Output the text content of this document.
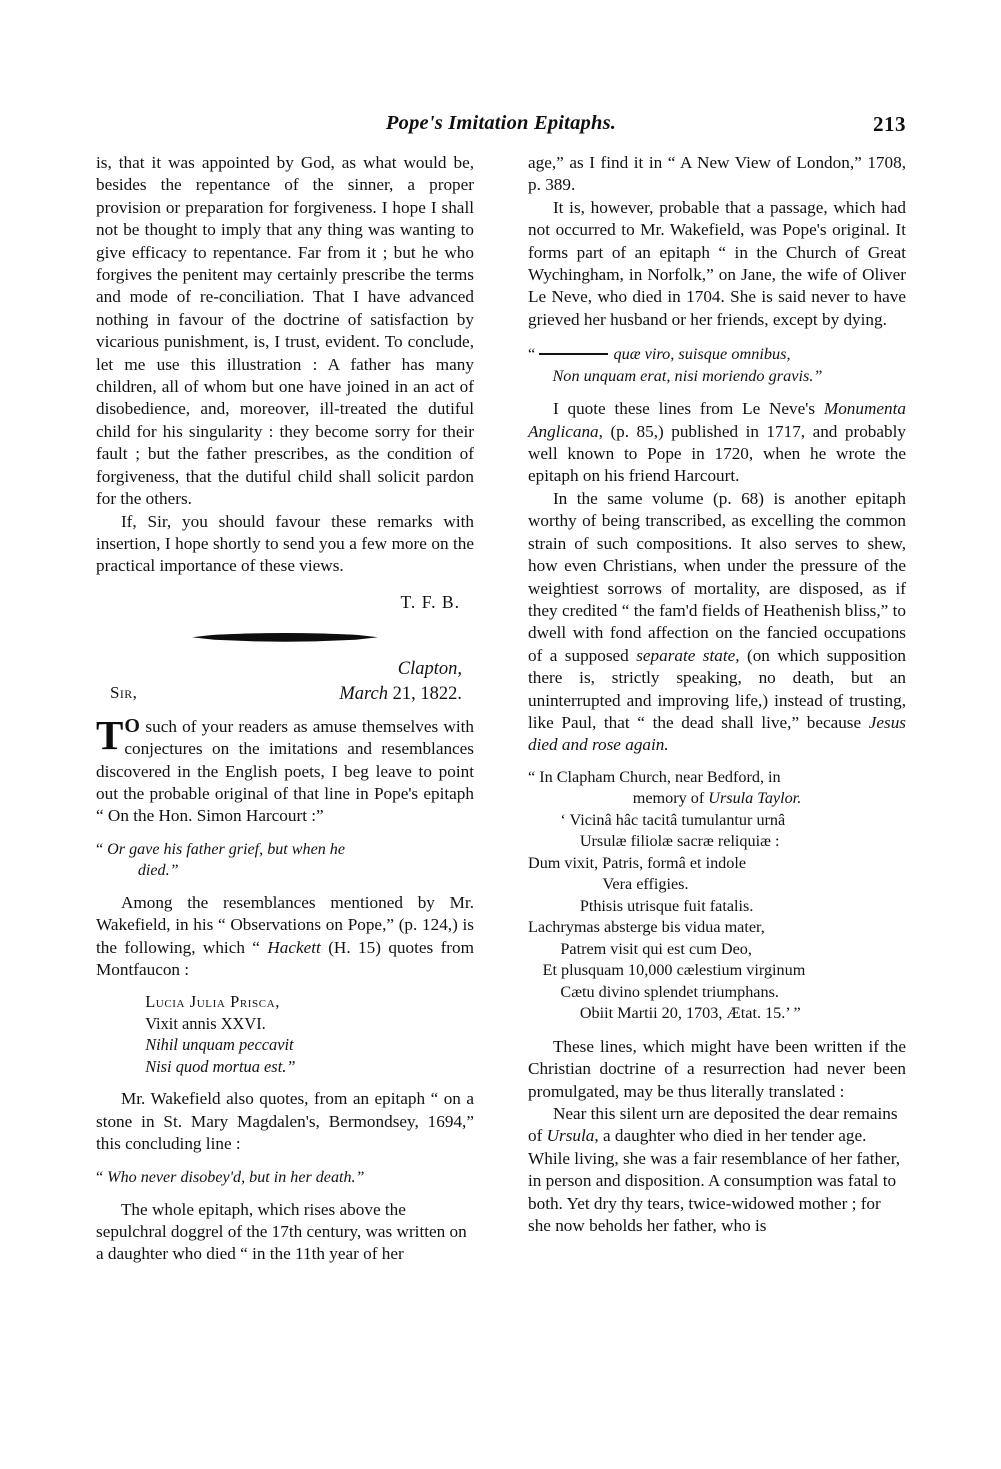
Pope's Imitation Epitaphs.	213

is, that it was appointed by God, as what would be, besides the repentance of the sinner, a proper provision or preparation for forgiveness. I hope I shall not be thought to imply that any thing was wanting to give efficacy to repentance. Far from it ; but he who forgives the penitent may certainly prescribe the terms and mode of re-conciliation. That I have advanced nothing in favour of the doctrine of satisfaction by vicarious punishment, is, I trust, evident. To conclude, let me use this illustration : A father has many children, all of whom but one have joined in an act of disobedience, and, moreover, ill-treated the dutiful child for his singularity : they become sorry for their fault ; but the father prescribes, as the condition of forgiveness, that the dutiful child shall solicit pardon for the others.

If, Sir, you should favour these remarks with insertion, I hope shortly to send you a few more on the practical importance of these views.

T. F. B.

Clapton,
March 21, 1822.
Sir,

T O such of your readers as amuse themselves with conjectures on the imitations and resemblances discovered in the English poets, I beg leave to point out the probable original of that line in Pope's epitaph “ On the Hon. Simon Harcourt :”

“ Or gave his father grief, but when he
died.”

Among the resemblances mentioned by Mr. Wakefield, in his “ Observations on Pope,” (p. 124,) is the following, which “ Hackett (H. 15) quotes from Montfaucon :

Lucia Julia Prisca,
Vixit annis XXVI.
Nihil unquam peccavit
Nisi quod mortua est.”

Mr. Wakefield also quotes, from an epitaph “ on a stone in St. Mary Magdalen's, Bermondsey, 1694,” this concluding line :

“ Who never disobey'd, but in her death.”

The whole epitaph, which rises above the sepulchral doggrel of the 17th century, was written on a daughter who died “ in the 11th year of her

age,” as I find it in “ A New View of London,” 1708, p. 389.

It is, however, probable that a passage, which had not occurred to Mr. Wakefield, was Pope's original. It forms part of an epitaph “ in the Church of Great Wychingham, in Norfolk,” on Jane, the wife of Oliver Le Neve, who died in 1704. She is said never to have grieved her husband or her friends, except by dying.

“	quæ viro, suisque omnibus,
Non unquam erat, nisi moriendo gravis.”

I quote these lines from Le Neve's Monumenta Anglicana, (p. 85,) published in 1717, and probably well known to Pope in 1720, when he wrote the epitaph on his friend Harcourt.

In the same volume (p. 68) is another epitaph worthy of being transcribed, as excelling the common strain of such compositions. It also serves to shew, how even Christians, when under the pressure of the weightiest sorrows of mortality, are disposed, as if they credited “ the fam'd fields of Heathenish bliss,” to dwell with fond affection on the fancied occupations of a supposed separate state, (on which supposition there is, strictly speaking, no death, but an uninterrupted and improving life,) instead of trusting, like Paul, that “ the dead shall live,” because Jesus died and rose again.

“ In Clapham Church, near Bedford, in
memory of Ursula Taylor.
‘ Vicinâ hâc tacitâ tumulantur urnâ
Ursulæ filiolæ sacræ reliquiæ :
Dum vixit, Patris, formâ et indole
Vera effigies.
Pthisis utrisque fuit fatalis.
Lachrymas absterge bis vidua mater,
Patrem visit qui est cum Deo,
Et plusquam 10,000 cælestium virginum
Cætu divino splendet triumphans.
Obiit Martii 20, 1703, Ætat. 15.’ ”

These lines, which might have been written if the Christian doctrine of a resurrection had never been promulgated, may be thus literally translated :

Near this silent urn are deposited the dear remains of Ursula, a daughter who died in her tender age. While living, she was a fair resemblance of her father, in person and disposition. A consumption was fatal to both. Yet dry thy tears, twice-widowed mother ; for she now beholds her father, who is
